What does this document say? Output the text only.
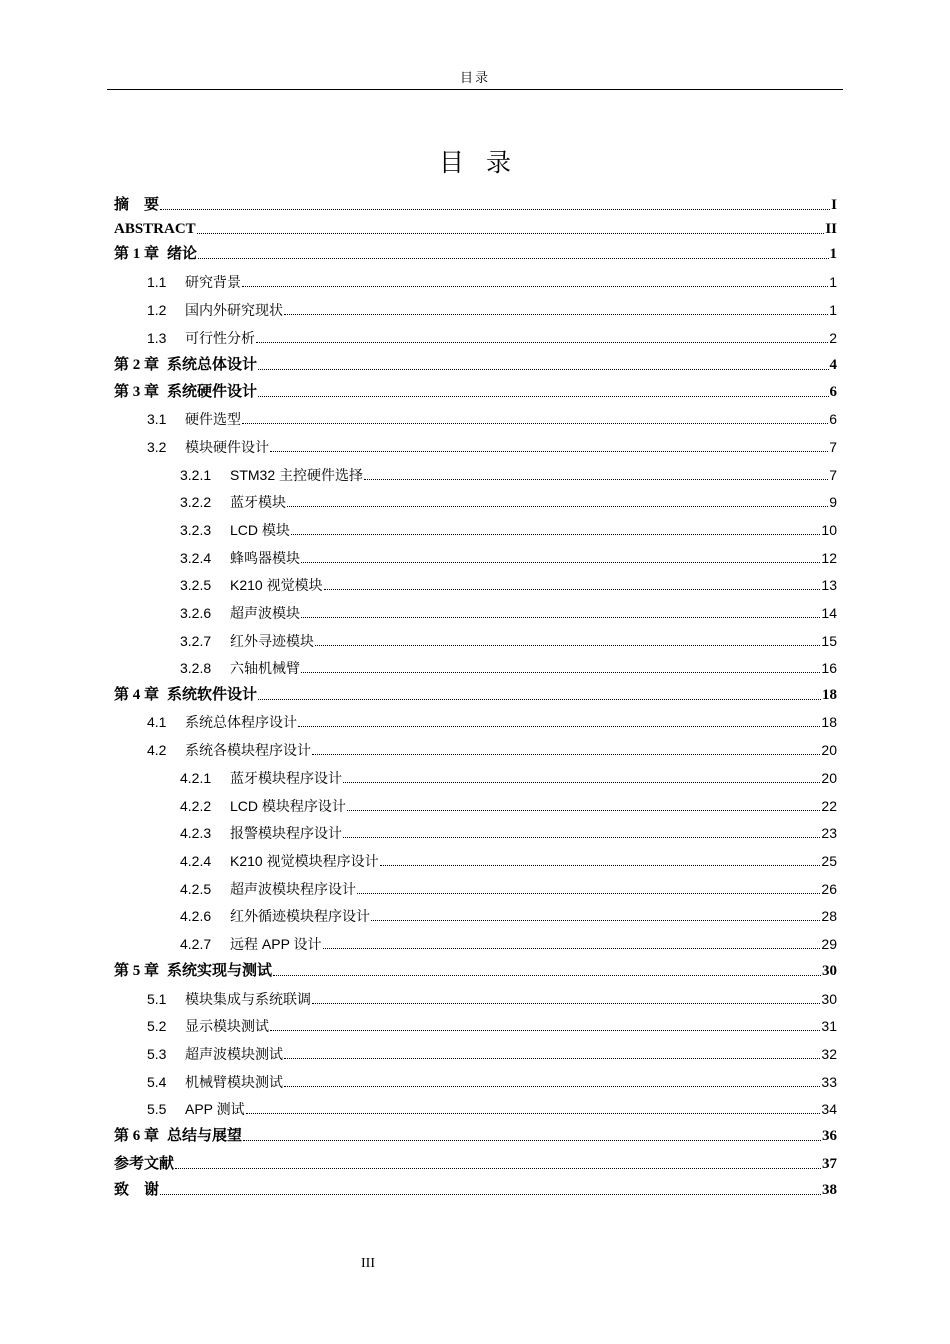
目录
目录
摘　要	I
ABSTRACT	II
第 1 章 绪论	1
1.1	研究背景	1
1.2	国内外研究现状	1
1.3	可行性分析	2
第 2 章 系统总体设计	4
第 3 章 系统硬件设计	6
3.1	硬件选型	6
3.2	模块硬件设计	7
3.2.1	STM32 主控硬件选择	7
3.2.2	蓝牙模块	9
3.2.3	LCD 模块	10
3.2.4	蜂鸣器模块	12
3.2.5	K210 视觉模块	13
3.2.6	超声波模块	14
3.2.7	红外寻迹模块	15
3.2.8	六轴机械臂	16
第 4 章 系统软件设计	18
4.1	系统总体程序设计	18
4.2	系统各模块程序设计	20
4.2.1	蓝牙模块程序设计	20
4.2.2	LCD 模块程序设计	22
4.2.3	报警模块程序设计	23
4.2.4	K210 视觉模块程序设计	25
4.2.5	超声波模块程序设计	26
4.2.6	红外循迹模块程序设计	28
4.2.7	远程 APP 设计	29
第 5 章 系统实现与测试	30
5.1	模块集成与系统联调	30
5.2	显示模块测试	31
5.3	超声波模块测试	32
5.4	机械臂模块测试	33
5.5	APP 测试	34
第 6 章 总结与展望	36
参考文献	37
致　谢	38
III
